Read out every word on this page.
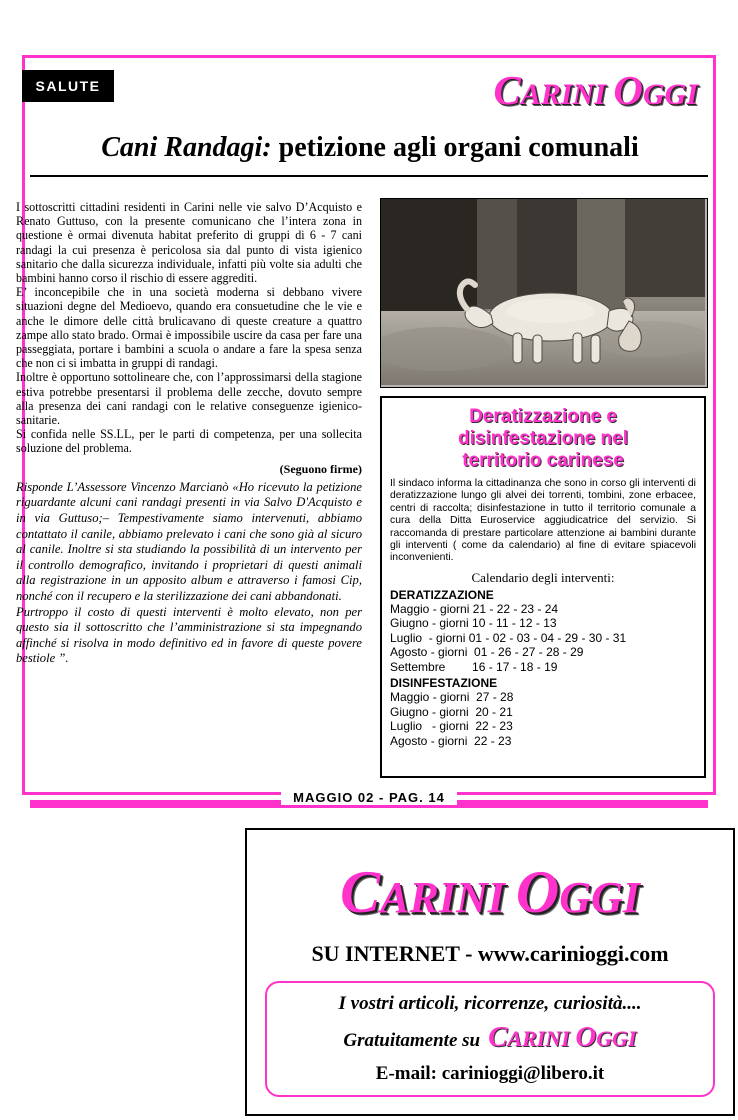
SALUTE	CARINI OGGI
Cani Randagi: petizione agli organi comunali

I sottoscritti cittadini residenti in Carini nelle vie salvo D’Acquisto e Renato Guttuso, con la presente comunicano che l’intera zona in questione è ormai divenuta habitat preferito di gruppi di 6 - 7 cani randagi la cui presenza è pericolosa sia dal punto di vista igienico sanitario che dalla sicurezza individuale, infatti più volte sia adulti che bambini hanno corso il rischio di essere aggrediti.

E’ inconcepibile che in una società moderna si debbano vivere situazioni degne del Medioevo, quando era consuetudine che le vie e anche le dimore delle città brulicavano di queste creature a quattro zampe allo stato brado. Ormai è impossibile uscire da casa per fare una passeggiata, portare i bambini a scuola o andare a fare la spesa senza che non ci si imbatta in gruppi di randagi.

Inoltre è opportuno sottolineare che, con l’approssimarsi della stagione estiva potrebbe presentarsi il problema delle zecche, dovuto sempre alla presenza dei cani randagi con le relative conseguenze igienico-sanitarie.

Si confida nelle SS.LL, per le parti di competenza, per una sollecita soluzione del problema.

(Seguono firme)

Risponde L’Assessore Vincenzo Marcianò «Ho ricevuto la petizione riguardante alcuni cani randagi presenti in via Salvo D'Acquisto e in via Guttuso;– Tempestivamente siamo intervenuti, abbiamo contattato il canile, abbiamo prelevato i cani che sono già al sicuro al canile. Inoltre si sta studiando la possibilità di un intervento per il controllo demografico, invitando i proprietari di questi animali alla registrazione in un apposito album e attraverso i famosi Cip, nonché con il recupero e la sterilizzazione dei cani abbandonati.

Purtroppo il costo di questi interventi è molto elevato, non per questo sia il sottoscritto che l’amministrazione si sta impegnando affinché si risolva in modo definitivo ed in favore di queste povere bestiole ”.

Deratizzazione e
disinfestazione nel
territorio carinese
Il sindaco informa la cittadinanza che sono in corso gli interventi di deratizzazione lungo gli alvei dei torrenti, tombini, zone erbacee, centri di raccolta; disinfestazione in tutto il territorio comunale a cura della Ditta Euroservice aggiudicatrice del servizio. Si raccomanda di prestare particolare attenzione ai bambini durante gli interventi ( come da calendario) al fine di evitare spiacevoli inconvenienti.
Calendario degli interventi:
DERATIZZAZIONE
Maggio - giorni 21 - 22 - 23 - 24
Giugno - giorni 10 - 11 - 12 - 13
Luglio  - giorni 01 - 02 - 03 - 04 - 29 - 30 - 31
Agosto - giorni  01 - 26 - 27 - 28 - 29
Settembre        16 - 17 - 18 - 19
DISINFESTAZIONE
Maggio - giorni  27 - 28
Giugno - giorni  20 - 21
Luglio   - giorni  22 - 23
Agosto - giorni  22 - 23
MAGGIO 02 - PAG. 14
CARINI OGGI
SU INTERNET - www.carinioggi.com
I vostri articoli, ricorrenze, curiosità....
Gratuitamente su CARINI OGGI
E-mail: carinioggi@libero.it
